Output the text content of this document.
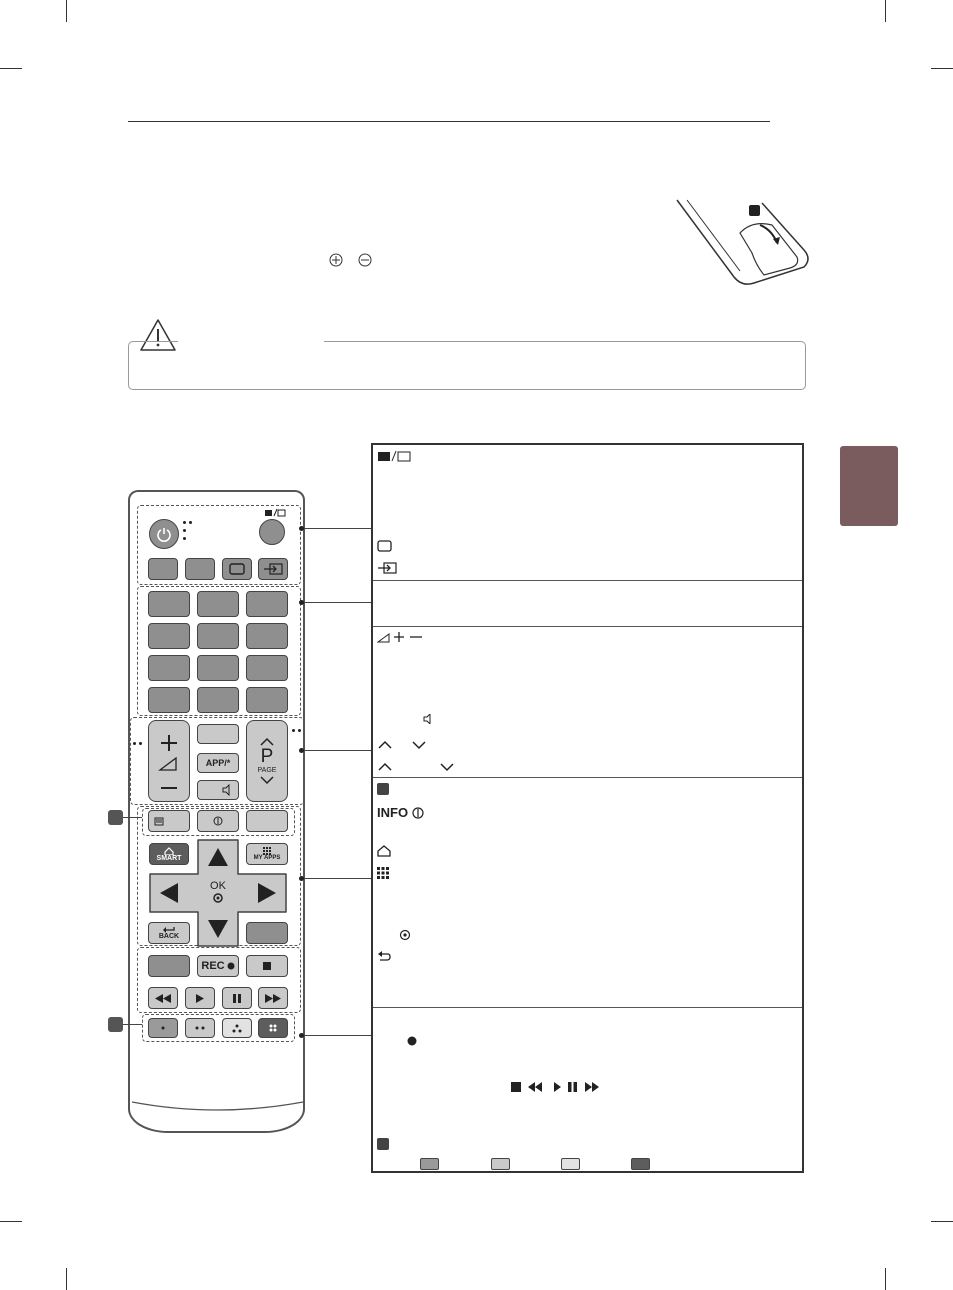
APP/* P
PAGE
SMART	MY APPS
OK
BACK
REC
INFO
